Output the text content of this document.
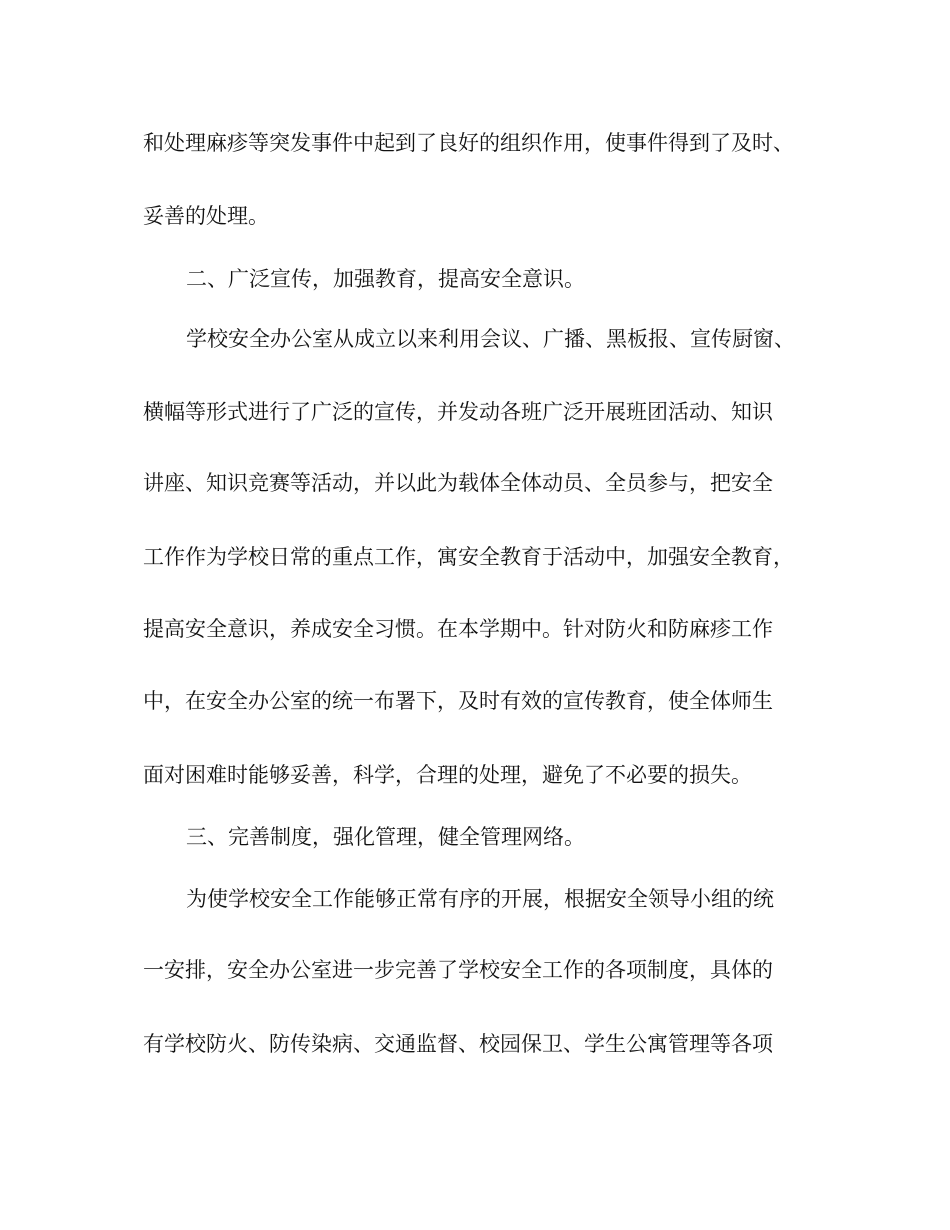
和处理麻疹等突发事件中起到了良好的组织作用，使事件得到了及时、

妥善的处理。

二、广泛宣传，加强教育，提高安全意识。

学校安全办公室从成立以来利用会议、广播、黑板报、宣传厨窗、

横幅等形式进行了广泛的宣传，并发动各班广泛开展班团活动、知识

讲座、知识竞赛等活动，并以此为载体全体动员、全员参与，把安全

工作作为学校日常的重点工作，寓安全教育于活动中，加强安全教育，

提高安全意识，养成安全习惯。在本学期中。针对防火和防麻疹工作

中，在安全办公室的统一布署下，及时有效的宣传教育，使全体师生

面对困难时能够妥善，科学，合理的处理，避免了不必要的损失。

三、完善制度，强化管理，健全管理网络。

为使学校安全工作能够正常有序的开展，根据安全领导小组的统

一安排，安全办公室进一步完善了学校安全工作的各项制度，具体的

有学校防火、防传染病、交通监督、校园保卫、学生公寓管理等各项
